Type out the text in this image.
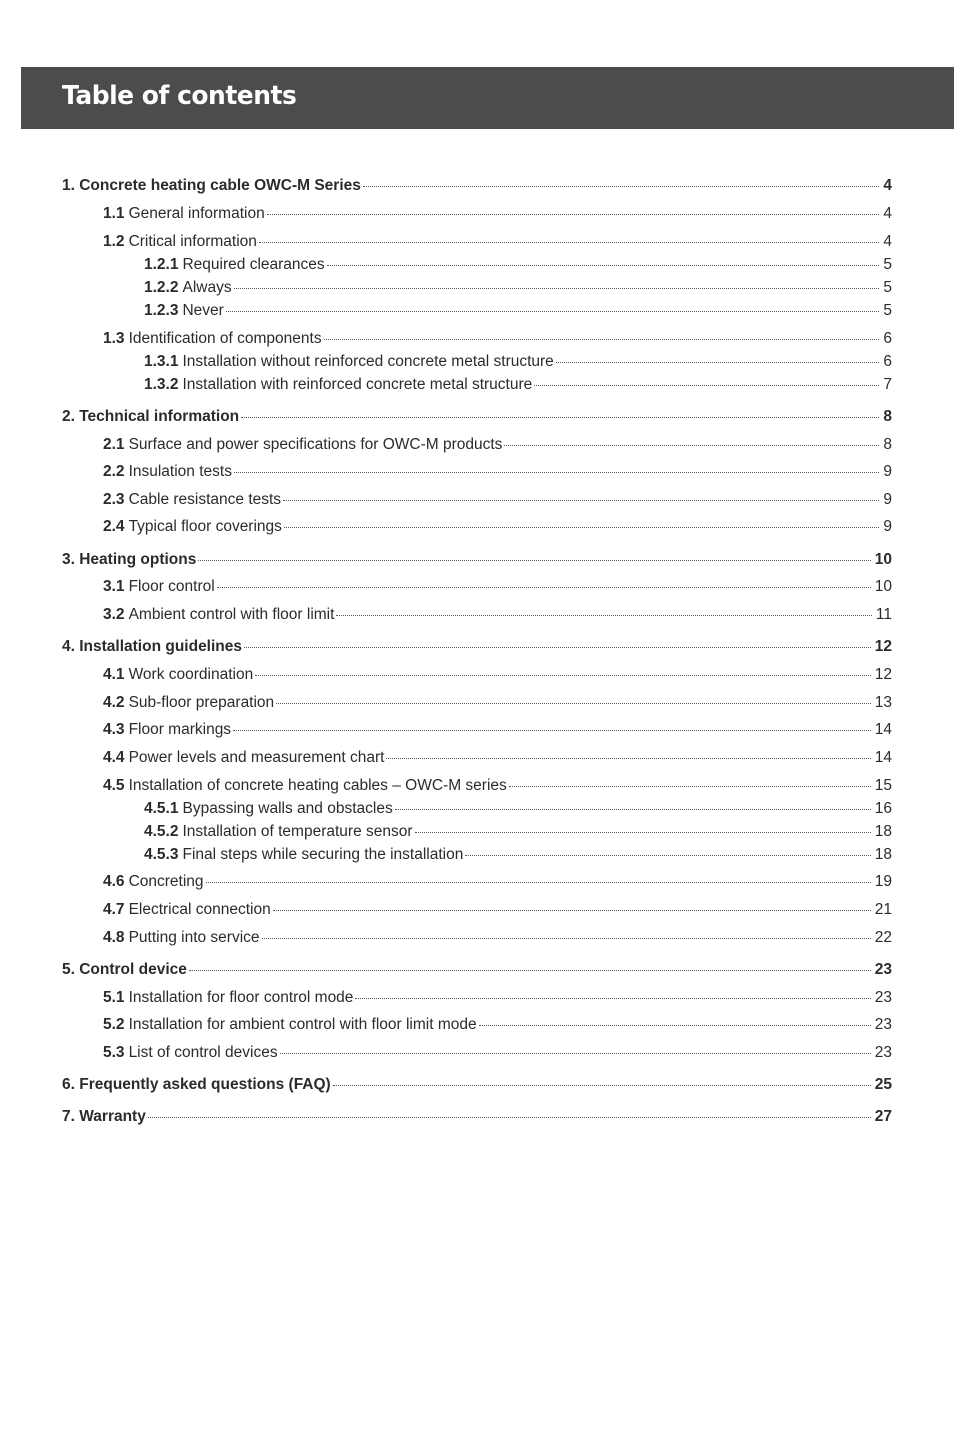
Table of contents
1. Concrete heating cable OWC-M Series	4
1.1 General information	4
1.2 Critical information	4
1.2.1 Required clearances	5
1.2.2 Always	5
1.2.3 Never	5
1.3 Identification of components	6
1.3.1 Installation without reinforced concrete metal structure	6
1.3.2 Installation with reinforced concrete metal structure	7
2. Technical information	8
2.1 Surface and power specifications for OWC-M products	8
2.2 Insulation tests	9
2.3 Cable resistance tests	9
2.4 Typical floor coverings	9
3. Heating options	10
3.1 Floor control	10
3.2 Ambient control with floor limit	11
4. Installation guidelines	12
4.1 Work coordination	12
4.2 Sub-floor preparation	13
4.3 Floor markings	14
4.4 Power levels and measurement chart	14
4.5 Installation of concrete heating cables – OWC-M series	15
4.5.1 Bypassing walls and obstacles	16
4.5.2 Installation of temperature sensor	18
4.5.3 Final steps while securing the installation	18
4.6 Concreting	19
4.7 Electrical connection	21
4.8 Putting into service	22
5. Control device	23
5.1 Installation for floor control mode	23
5.2 Installation for ambient control with floor limit mode	23
5.3 List of control devices	23
6. Frequently asked questions (FAQ)	25
7. Warranty	27
